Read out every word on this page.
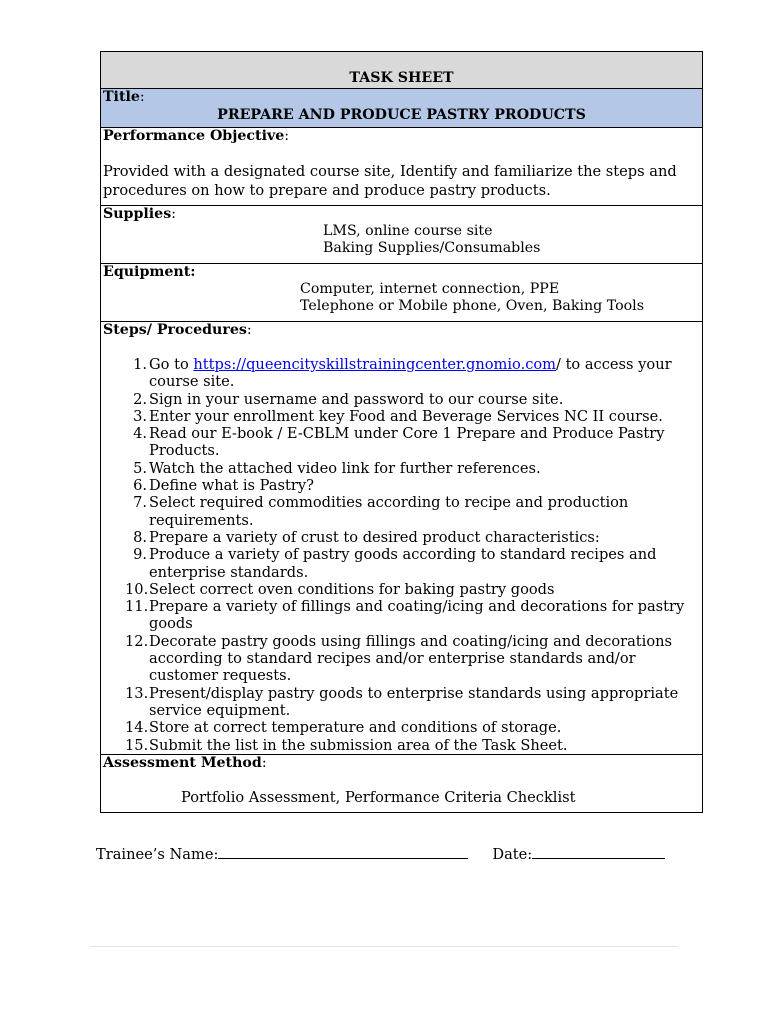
TASK SHEET

Title:
PREPARE AND PRODUCE PASTRY PRODUCTS

Performance Objective:
Provided with a designated course site, Identify and familiarize the steps and procedures on how to prepare and produce pastry products.

Supplies:
LMS, online course site
Baking Supplies/Consumables

Equipment:
Computer, internet connection, PPE
Telephone or Mobile phone, Oven, Baking Tools

Steps/ Procedures:
1. Go to https://queencityskillstrainingcenter.gnomio.com/ to access your course site.
2. Sign in your username and password to our course site.
3. Enter your enrollment key Food and Beverage Services NC II course.
4. Read our E-book / E-CBLM under Core 1 Prepare and Produce Pastry Products.
5. Watch the attached video link for further references.
6. Define what is Pastry?
7. Select required commodities according to recipe and production requirements.
8. Prepare a variety of crust to desired product characteristics:
9. Produce a variety of pastry goods according to standard recipes and enterprise standards.
10. Select correct oven conditions for baking pastry goods
11. Prepare a variety of fillings and coating/icing and decorations for pastry goods
12. Decorate pastry goods using fillings and coating/icing and decorations according to standard recipes and/or enterprise standards and/or customer requests.
13. Present/display pastry goods to enterprise standards using appropriate service equipment.
14. Store at correct temperature and conditions of storage.
15. Submit the list in the submission area of the Task Sheet.

Assessment Method:
Portfolio Assessment, Performance Criteria Checklist
Trainee’s Name:	Date:
